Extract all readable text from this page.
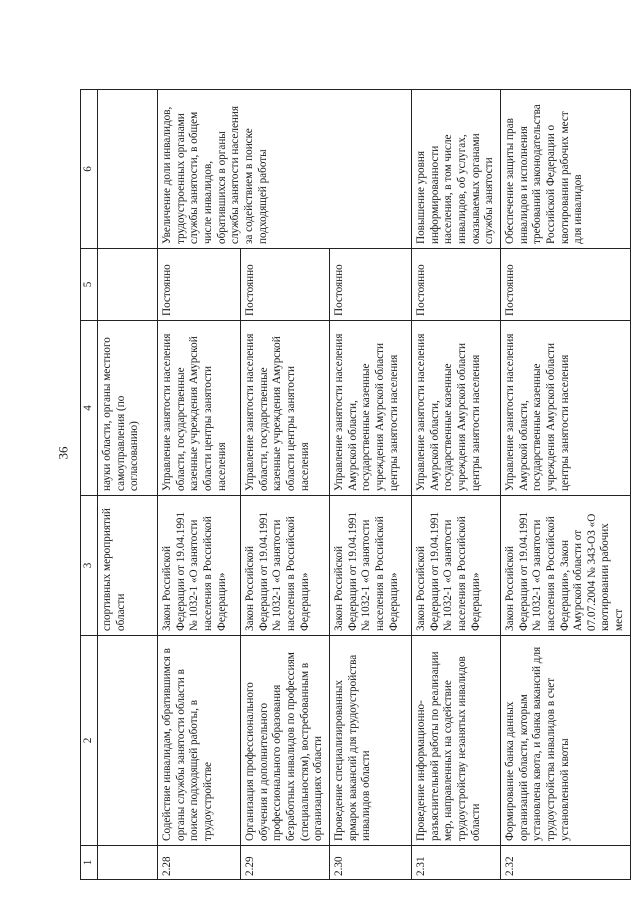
36
1	2	3	4	5	6
		спортивных мероприятий области	науки области, органы местного самоуправления (по согласованию)		
2.28	Содействие инвалидам, обратившимся в органы службы занятости области в поиске подходящей работы, в трудоустройстве	Закон Российской Федерации от 19.04.1991 № 1032-1 «О занятости населения в Российской Федерации»	Управление занятости населения области, государственные казенные учреждения Амурской области центры занятости населения	Постоянно	Увеличение доли инвалидов, трудоустроенных органами службы занятости, в общем числе инвалидов, обратившихся в органы службы занятости населения за содействием в поиске подходящей работы
2.29	Организация профессионального обучения и дополнительного профессионального образования безработных инвалидов по профессиям (специальностям), востребованным в организациях области	Закон Российской Федерации от 19.04.1991 № 1032-1 «О занятости населения в Российской Федерации»	Управление занятости населения области, государственные казенные учреждения Амурской области центры занятости населения	Постоянно	
2.30	Проведение специализированных ярмарок вакансий для трудоустройства инвалидов области	Закон Российской Федерации от 19.04.1991 № 1032-1 «О занятости населения в Российской Федерации»	Управление занятости населения Амурской области, государственные казенные учреждения Амурской области центры занятости населения	Постоянно	
2.31	Проведение информационно-разъяснительной работы по реализации мер, направленных на содействие трудоустройству незанятых инвалидов области	Закон Российской Федерации от 19.04.1991 № 1032-1 «О занятости населения в Российской Федерации»	Управление занятости населения Амурской области, государственные казенные учреждения Амурской области центры занятости населения	Постоянно	Повышение уровня информированности населения, в том числе инвалидов, об услугах, оказываемых органами службы занятости
2.32	Формирование банка данных организаций области, которым установлена квота, и банка вакансий для трудоустройства инвалидов в счет установленной квоты	Закон Российской Федерации от 19.04.1991 № 1032-1 «О занятости населения в Российской Федерации», Закон Амурской области от 07.07.2004 № 343-ОЗ «О квотировании рабочих мест	Управление занятости населения Амурской области, государственные казенные учреждения Амурской области центры занятости населения	Постоянно	Обеспечение защиты прав инвалидов и исполнения требований законодательства Российской Федерации о квотировании рабочих мест для инвалидов
